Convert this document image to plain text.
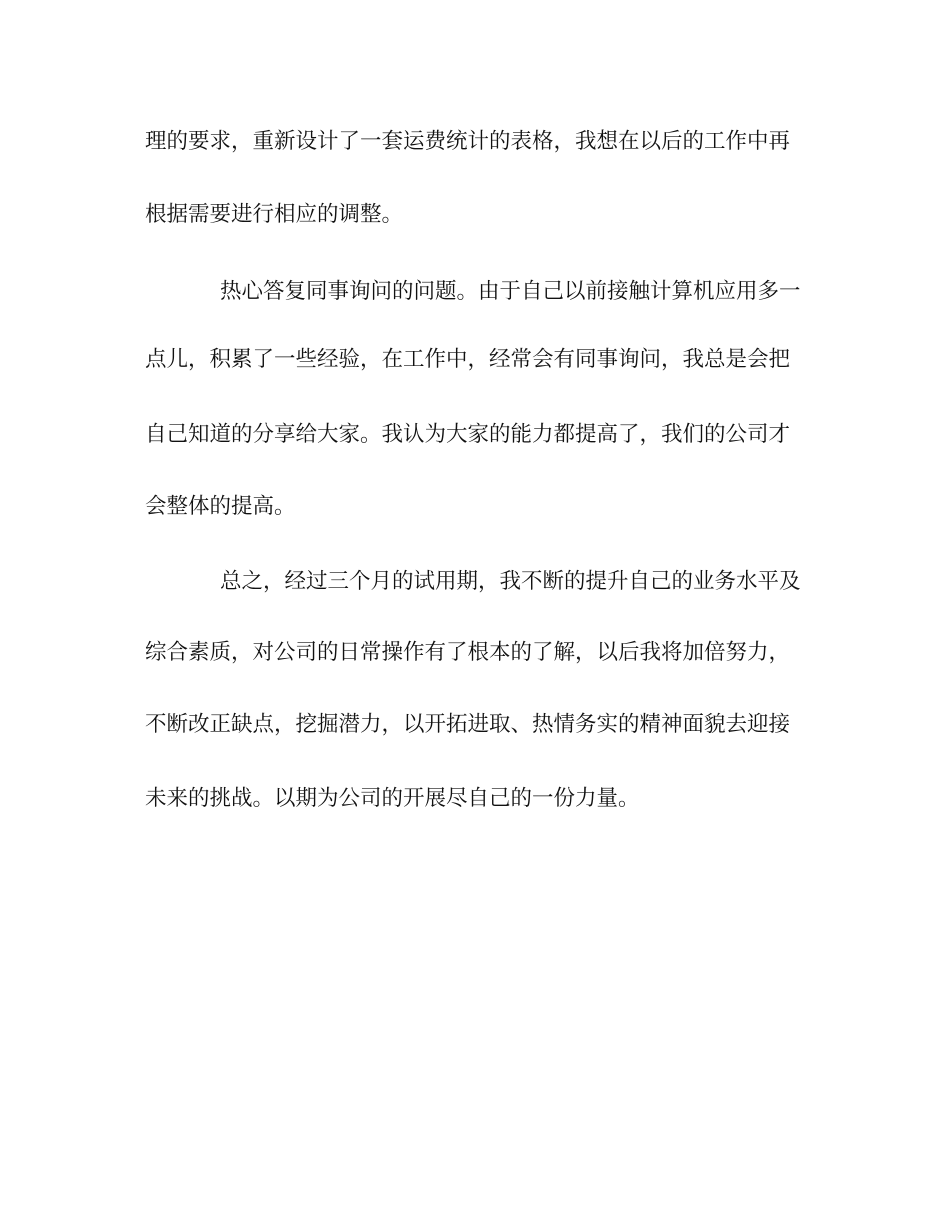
理的要求，重新设计了一套运费统计的表格，我想在以后的工作中再
根据需要进行相应的调整。
热心答复同事询问的问题。由于自己以前接触计算机应用多一
点儿，积累了一些经验，在工作中，经常会有同事询问，我总是会把
自己知道的分享给大家。我认为大家的能力都提高了，我们的公司才
会整体的提高。
总之，经过三个月的试用期，我不断的提升自己的业务水平及
综合素质，对公司的日常操作有了根本的了解，以后我将加倍努力，
不断改正缺点，挖掘潜力，以开拓进取、热情务实的精神面貌去迎接
未来的挑战。以期为公司的开展尽自己的一份力量。
